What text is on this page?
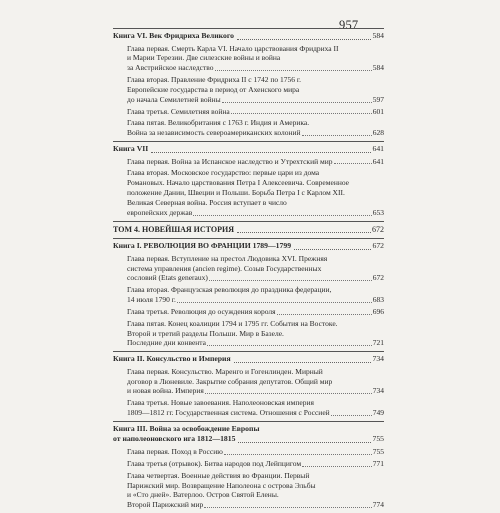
957
Книга VI. Век Фридриха Великого	584
Глава первая. Смерть Карла VI. Начало царствования Фридриха II
и Марии Терезии. Две силезские войны и война
за Австрийское наследство	584
Глава вторая. Правление Фридриха II с 1742 по 1756 г.
Европейские государства в период от Ахенского мира
до начала Семилетней войны	597
Глава третья. Семилетняя война	601
Глава пятая. Великобритания с 1763 г. Индия и Америка.
Война за независимость североамериканских колоний	628
Книга VII	641
Глава первая. Война за Испанское наследство и Утрехтский мир	641
Глава вторая. Московское государство: первые цари из дома
Романовых. Начало царствования Петра I Алексеевича. Современное
положение Дании, Швеции и Польши. Борьба Петра I с Карлом XII.
Великая Северная война. Россия вступает в число
европейских держав	653
ТОМ 4. НОВЕЙШАЯ ИСТОРИЯ	672
Книга I. РЕВОЛЮЦИЯ ВО ФРАНЦИИ 1789—1799	672
Глава первая. Вступление на престол Людовика XVI. Прежняя
система управления (ancien regime). Созыв Государственных
сословий (Etats generaux)	672
Глава вторая. Французская революция до праздника федерации,
14 июля 1790 г.	683
Глава третья. Революция до осуждения короля	696
Глава пятая. Конец коалиции 1794 и 1795 гг. События на Востоке.
Второй и третий разделы Польши. Мир в Базеле.
Последние дни конвента	721
Книга II. Консульство и Империя	734
Глава первая. Консульство. Маренго и Гогенлинден. Мирный
договор в Люневиле. Закрытие собрания депутатов. Общий мир
и новая война. Империя	734
Глава третья. Новые завоевания. Наполеоновская империя
1809—1812 гг. Государственная система. Отношения с Россией	749
Книга III. Война за освобождение Европы
от наполеоновского ига 1812—1815	755
Глава первая. Поход в Россию	755
Глава третья (отрывок). Битва народов под Лейпцигом	771
Глава четвертая. Военные действия во Франции. Первый
Парижский мир. Возвращение Наполеона с острова Эльбы
и «Сто дней». Ватерлоо. Остров Святой Елены.
Второй Парижский мир	774
